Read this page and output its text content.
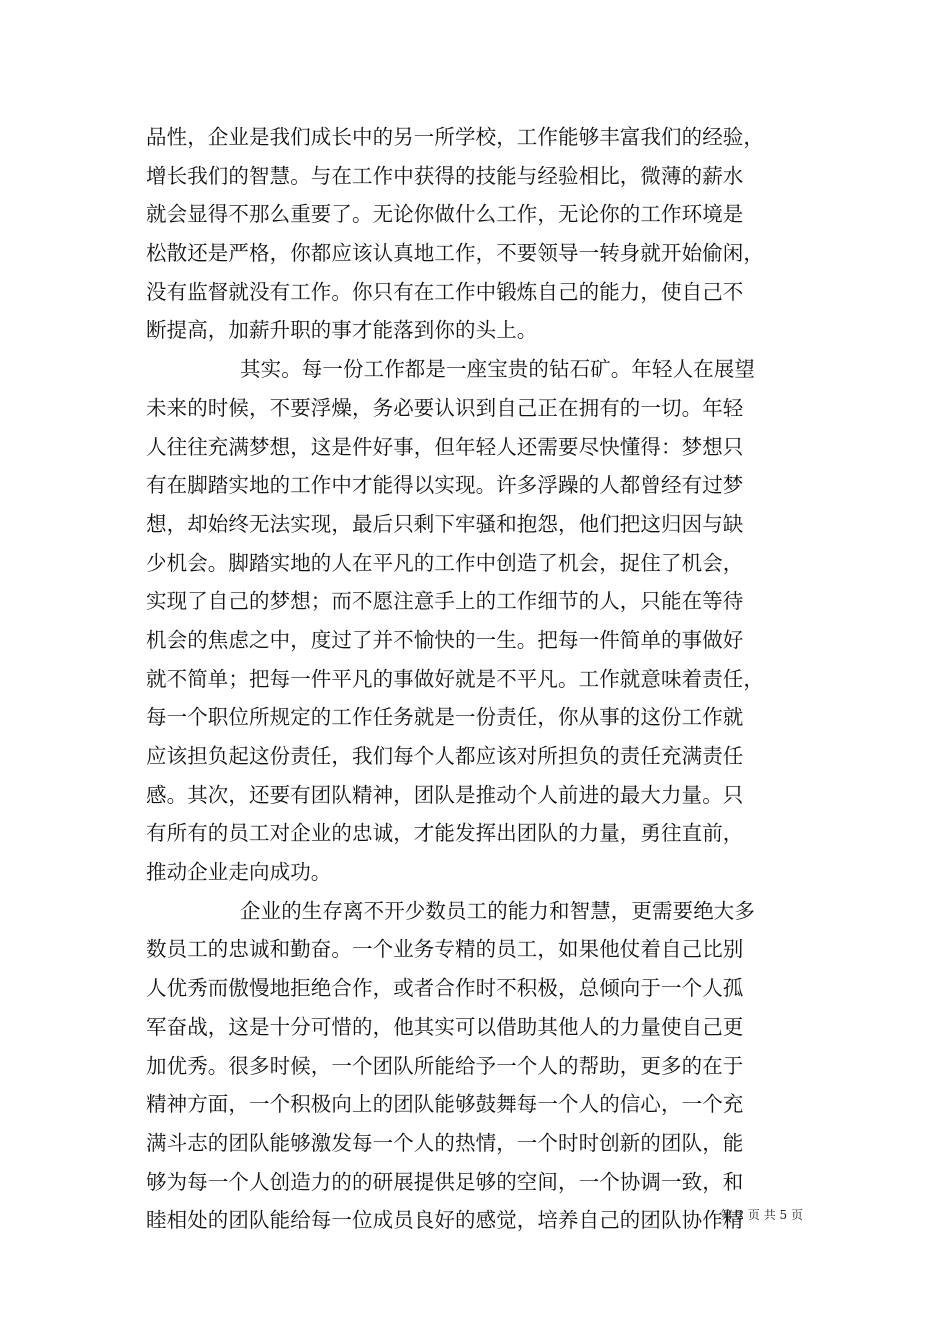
品性，企业是我们成长中的另一所学校，工作能够丰富我们的经验，
增长我们的智慧。与在工作中获得的技能与经验相比，微薄的薪水
就会显得不那么重要了。无论你做什么工作，无论你的工作环境是
松散还是严格，你都应该认真地工作，不要领导一转身就开始偷闲，
没有监督就没有工作。你只有在工作中锻炼自己的能力，使自己不
断提高，加薪升职的事才能落到你的头上。
其实。每一份工作都是一座宝贵的钻石矿。年轻人在展望
未来的时候，不要浮燥，务必要认识到自己正在拥有的一切。年轻
人往往充满梦想，这是件好事，但年轻人还需要尽快懂得：梦想只
有在脚踏实地的工作中才能得以实现。许多浮躁的人都曾经有过梦
想，却始终无法实现，最后只剩下牢骚和抱怨，他们把这归因与缺
少机会。脚踏实地的人在平凡的工作中创造了机会，捉住了机会，
实现了自己的梦想；而不愿注意手上的工作细节的人，只能在等待
机会的焦虑之中，度过了并不愉快的一生。把每一件简单的事做好
就不简单；把每一件平凡的事做好就是不平凡。工作就意味着责任，
每一个职位所规定的工作任务就是一份责任，你从事的这份工作就
应该担负起这份责任，我们每个人都应该对所担负的责任充满责任
感。其次，还要有团队精神，团队是推动个人前进的最大力量。只
有所有的员工对企业的忠诚，才能发挥出团队的力量，勇往直前，
推动企业走向成功。
企业的生存离不开少数员工的能力和智慧，更需要绝大多
数员工的忠诚和勤奋。一个业务专精的员工，如果他仗着自己比别
人优秀而傲慢地拒绝合作，或者合作时不积极，总倾向于一个人孤
军奋战，这是十分可惜的，他其实可以借助其他人的力量使自己更
加优秀。很多时候，一个团队所能给予一个人的帮助，更多的在于
精神方面，一个积极向上的团队能够鼓舞每一个人的信心，一个充
满斗志的团队能够激发每一个人的热情，一个时时创新的团队，能
够为每一个人创造力的的研展提供足够的空间，一个协调一致，和
睦相处的团队能给每一位成员良好的感觉，培养自己的团队协作精
第 2 页 共 5 页
